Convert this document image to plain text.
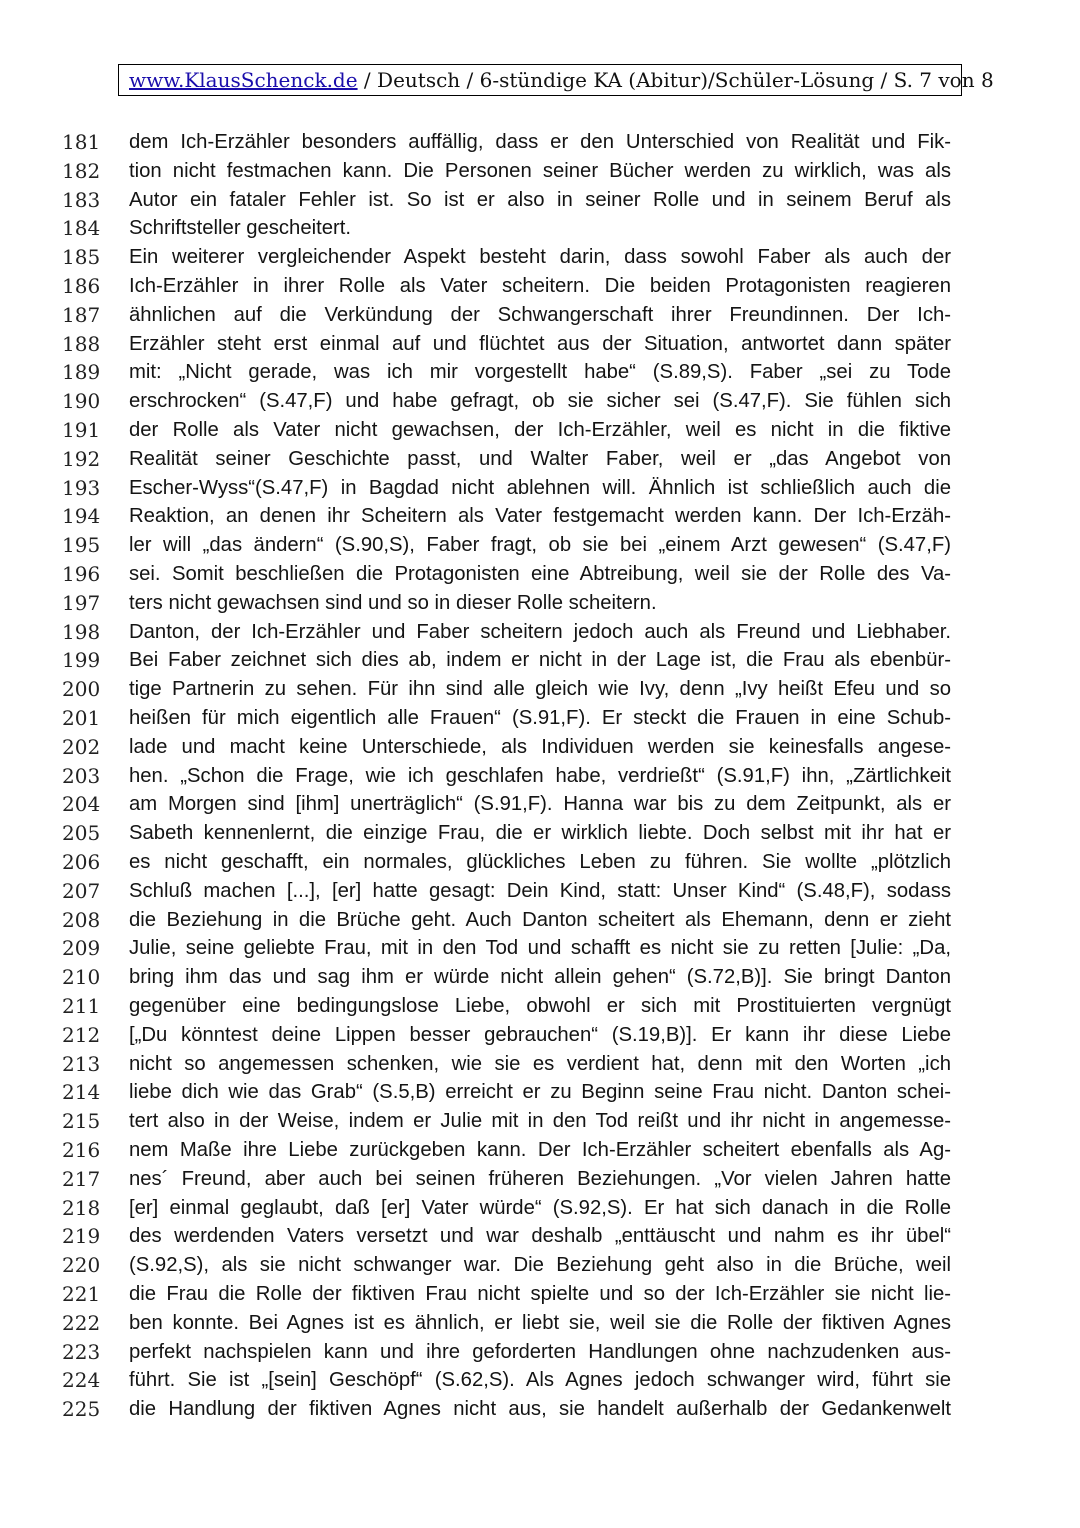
www.KlausSchenck.de / Deutsch / 6-stündige KA (Abitur)/Schüler-Lösung / S. 7 von 8
181 dem Ich-Erzähler besonders auffällig, dass er den Unterschied von Realität und Fik-
182 tion nicht festmachen kann. Die Personen seiner Bücher werden zu wirklich, was als
183 Autor ein fataler Fehler ist. So ist er also in seiner Rolle und in seinem Beruf als
184 Schriftsteller gescheitert.
185 Ein weiterer vergleichender Aspekt besteht darin, dass sowohl Faber als auch der
186 Ich-Erzähler in ihrer Rolle als Vater scheitern. Die beiden Protagonisten reagieren
187 ähnlichen auf die Verkündung der Schwangerschaft ihrer Freundinnen. Der Ich-
188 Erzähler steht erst einmal auf und flüchtet aus der Situation, antwortet dann später
189 mit: „Nicht gerade, was ich mir vorgestellt habe“ (S.89,S). Faber „sei zu Tode
190 erschrocken“ (S.47,F) und habe gefragt, ob sie sicher sei (S.47,F). Sie fühlen sich
191 der Rolle als Vater nicht gewachsen, der Ich-Erzähler, weil es nicht in die fiktive
192 Realität seiner Geschichte passt, und Walter Faber, weil er „das Angebot von
193 Escher-Wyss“(S.47,F) in Bagdad nicht ablehnen will. Ähnlich ist schließlich auch die
194 Reaktion, an denen ihr Scheitern als Vater festgemacht werden kann. Der Ich-Erzäh-
195 ler will „das ändern“ (S.90,S), Faber fragt, ob sie bei „einem Arzt gewesen“ (S.47,F)
196 sei. Somit beschließen die Protagonisten eine Abtreibung, weil sie der Rolle des Va-
197 ters nicht gewachsen sind und so in dieser Rolle scheitern.
198 Danton, der Ich-Erzähler und Faber scheitern jedoch auch als Freund und Liebhaber.
199 Bei Faber zeichnet sich dies ab, indem er nicht in der Lage ist, die Frau als ebenbür-
200 tige Partnerin zu sehen. Für ihn sind alle gleich wie Ivy, denn „Ivy heißt Efeu und so
201 heißen für mich eigentlich alle Frauen“ (S.91,F). Er steckt die Frauen in eine Schub-
202 lade und macht keine Unterschiede, als Individuen werden sie keinesfalls angese-
203 hen. „Schon die Frage, wie ich geschlafen habe, verdrießt“ (S.91,F) ihn, „Zärtlichkeit
204 am Morgen sind [ihm] unerträglich“ (S.91,F). Hanna war bis zu dem Zeitpunkt, als er
205 Sabeth kennenlernt, die einzige Frau, die er wirklich liebte. Doch selbst mit ihr hat er
206 es nicht geschafft, ein normales, glückliches Leben zu führen. Sie wollte „plötzlich
207 Schluß machen [...], [er] hatte gesagt: Dein Kind, statt: Unser Kind“ (S.48,F), sodass
208 die Beziehung in die Brüche geht. Auch Danton scheitert als Ehemann, denn er zieht
209 Julie, seine geliebte Frau, mit in den Tod und schafft es nicht sie zu retten [Julie: „Da,
210 bring ihm das und sag ihm er würde nicht allein gehen“ (S.72,B)]. Sie bringt Danton
211 gegenüber eine bedingungslose Liebe, obwohl er sich mit Prostituierten vergnügt
212 [„Du könntest deine Lippen besser gebrauchen“ (S.19,B)]. Er kann ihr diese Liebe
213 nicht so angemessen schenken, wie sie es verdient hat, denn mit den Worten „ich
214 liebe dich wie das Grab“ (S.5,B) erreicht er zu Beginn seine Frau nicht. Danton schei-
215 tert also in der Weise, indem er Julie mit in den Tod reißt und ihr nicht in angemesse-
216 nem Maße ihre Liebe zurückgeben kann. Der Ich-Erzähler scheitert ebenfalls als Ag-
217 nes´ Freund, aber auch bei seinen früheren Beziehungen. „Vor vielen Jahren hatte
218 [er] einmal geglaubt, daß [er] Vater würde“ (S.92,S). Er hat sich danach in die Rolle
219 des werdenden Vaters versetzt und war deshalb „enttäuscht und nahm es ihr übel“
220 (S.92,S), als sie nicht schwanger war. Die Beziehung geht also in die Brüche, weil
221 die Frau die Rolle der fiktiven Frau nicht spielte und so der Ich-Erzähler sie nicht lie-
222 ben konnte. Bei Agnes ist es ähnlich, er liebt sie, weil sie die Rolle der fiktiven Agnes
223 perfekt nachspielen kann und ihre geforderten Handlungen ohne nachzudenken aus-
224 führt. Sie ist „[sein] Geschöpf“ (S.62,S). Als Agnes jedoch schwanger wird, führt sie
225 die Handlung der fiktiven Agnes nicht aus, sie handelt außerhalb der Gedankenwelt
